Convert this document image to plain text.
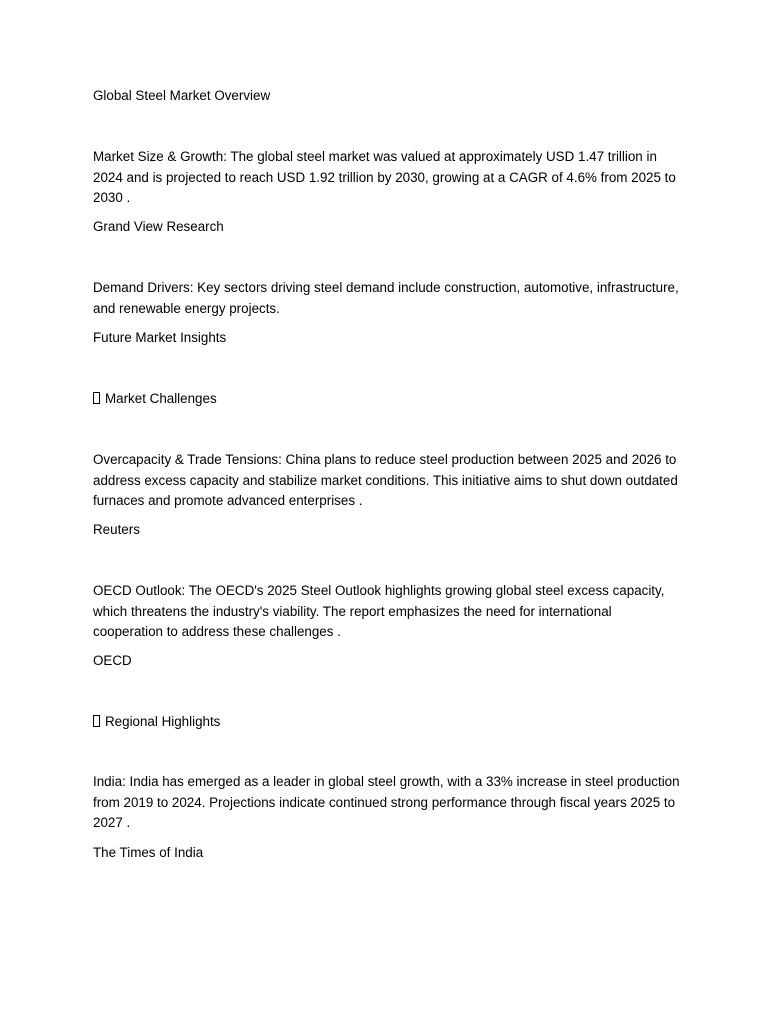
Global Steel Market Overview

Market Size & Growth: The global steel market was valued at approximately USD 1.47 trillion in 2024 and is projected to reach USD 1.92 trillion by 2030, growing at a CAGR of 4.6% from 2025 to 2030 .

Grand View Research

Demand Drivers: Key sectors driving steel demand include construction, automotive, infrastructure, and renewable energy projects.

Future Market Insights

Market Challenges

Overcapacity & Trade Tensions: China plans to reduce steel production between 2025 and 2026 to address excess capacity and stabilize market conditions. This initiative aims to shut down outdated furnaces and promote advanced enterprises .

Reuters

OECD Outlook: The OECD's 2025 Steel Outlook highlights growing global steel excess capacity, which threatens the industry's viability. The report emphasizes the need for international cooperation to address these challenges .

OECD

Regional Highlights

India: India has emerged as a leader in global steel growth, with a 33% increase in steel production from 2019 to 2024. Projections indicate continued strong performance through fiscal years 2025 to 2027 .

The Times of India
